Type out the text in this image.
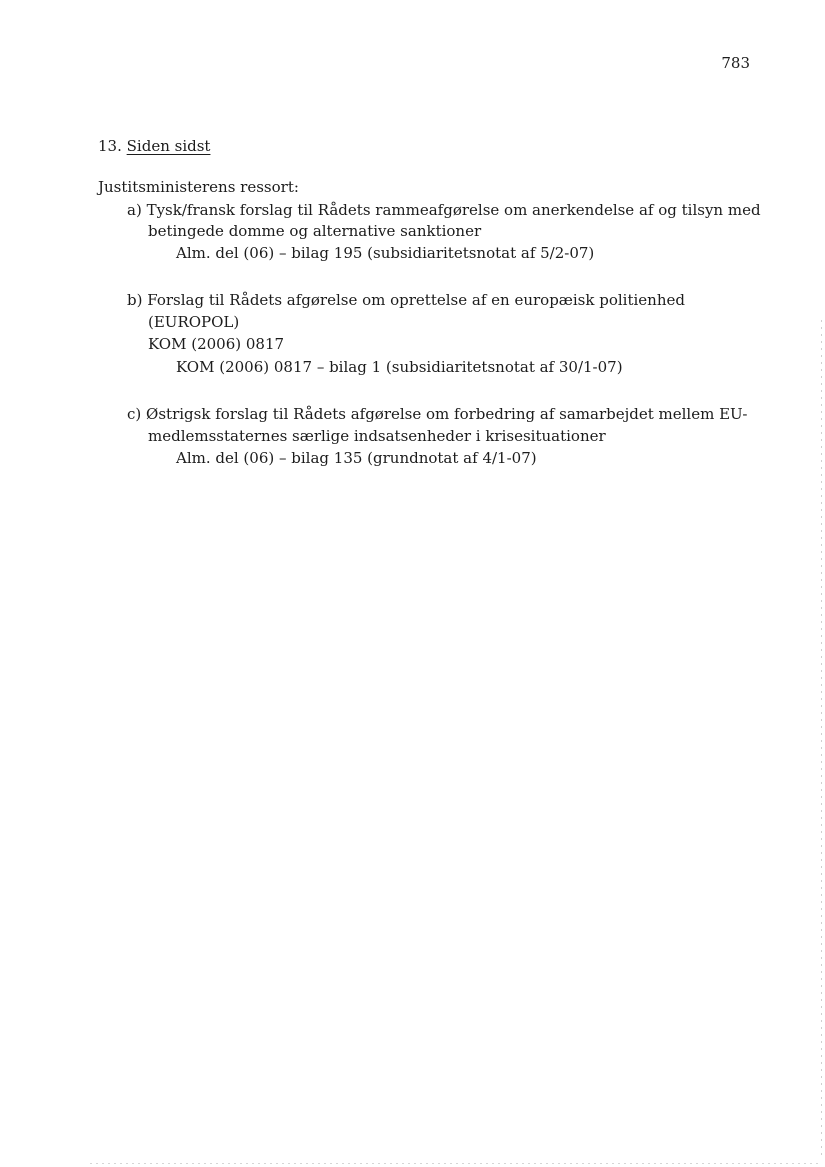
783
13. Siden sidst
Justitsministerens ressort:
a) Tysk/fransk forslag til Rådets rammeafgørelse om anerkendelse af og tilsyn med
betingede domme og alternative sanktioner
Alm. del (06) – bilag 195 (subsidiaritetsnotat af 5/2-07)
b) Forslag til Rådets afgørelse om oprettelse af en europæisk politienhed
(EUROPOL)
KOM (2006) 0817
KOM (2006) 0817 – bilag 1 (subsidiaritetsnotat af 30/1-07)
c) Østrigsk forslag til Rådets afgørelse om forbedring af samarbejdet mellem EU-
medlemsstaternes særlige indsatsenheder i krisesituationer
Alm. del (06) – bilag 135 (grundnotat af 4/1-07)
